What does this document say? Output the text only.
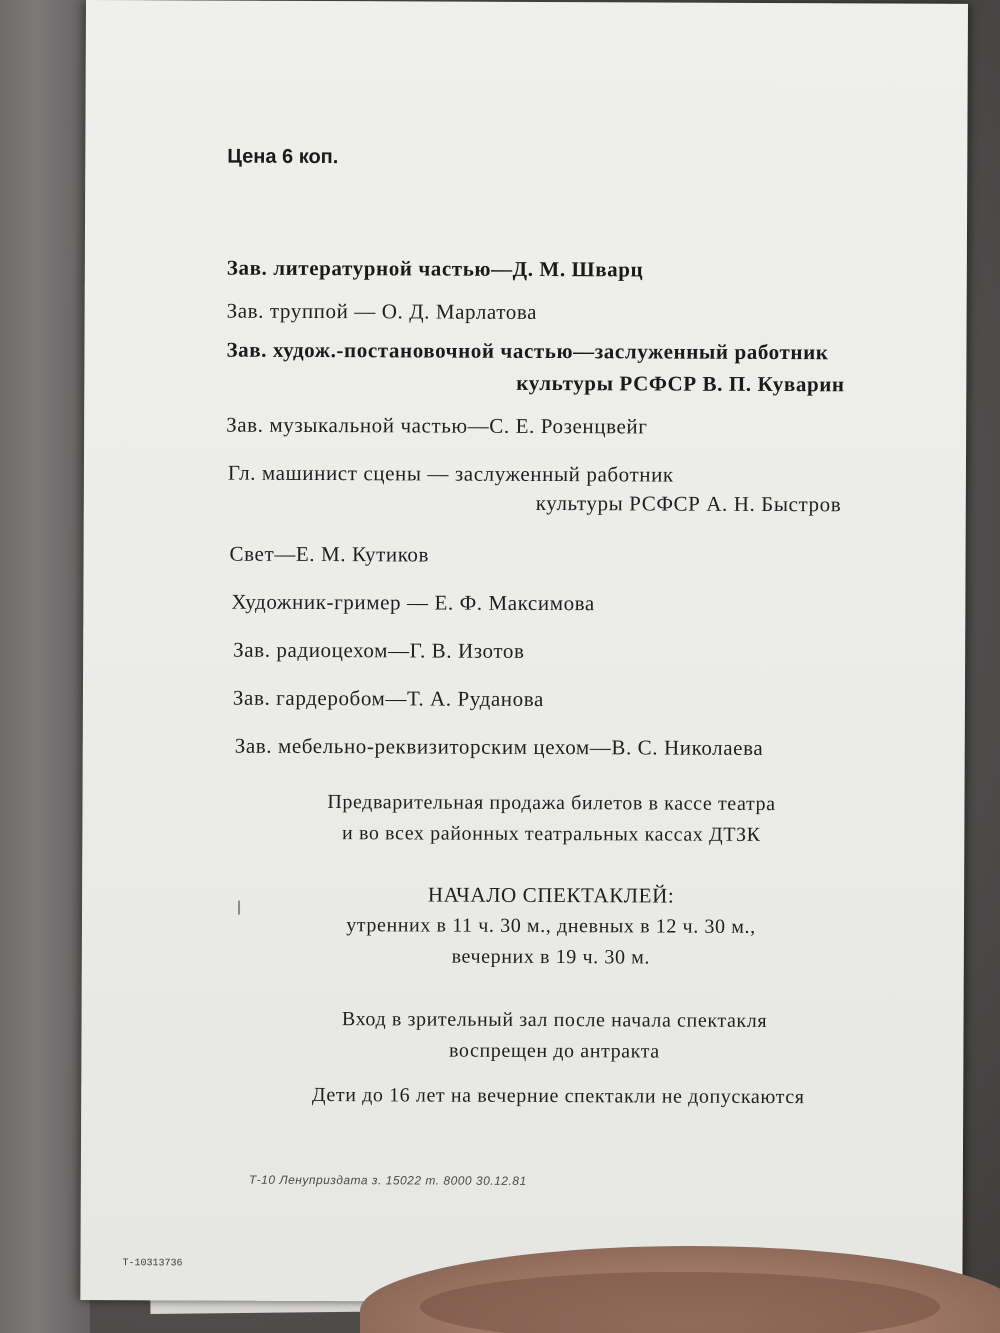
Цена 6 коп.
Зав. литературной частью—Д. М. Шварц
Зав. труппой — О. Д. Марлатова
Зав. худож.-постановочной частью—заслуженный работник
культуры РСФСР В. П. Куварин
Зав. музыкальной частью—С. Е. Розенцвейг
Гл. машинист сцены — заслуженный работник
культуры РСФСР А. Н. Быстров
Свет—Е. М. Кутиков
Художник-гример — Е. Ф. Максимова
Зав. радиоцехом—Г. В. Изотов
Зав. гардеробом—Т. А. Руданова
Зав. мебельно-реквизиторским цехом—В. С. Николаева
Предварительная продажа билетов в кассе театра
и во всех районных театральных кассах ДТЗК
НАЧАЛО СПЕКТАКЛЕЙ:
утренних в 11 ч. 30 м., дневных в 12 ч. 30 м.,
вечерних в 19 ч. 30 м.
Вход в зрительный зал после начала спектакля
воспрещен до антракта
Дети до 16 лет на вечерние спектакли не допускаются
Т-10 Ленуприздата з. 15022 т. 8000 30.12.81
Т-10313736
